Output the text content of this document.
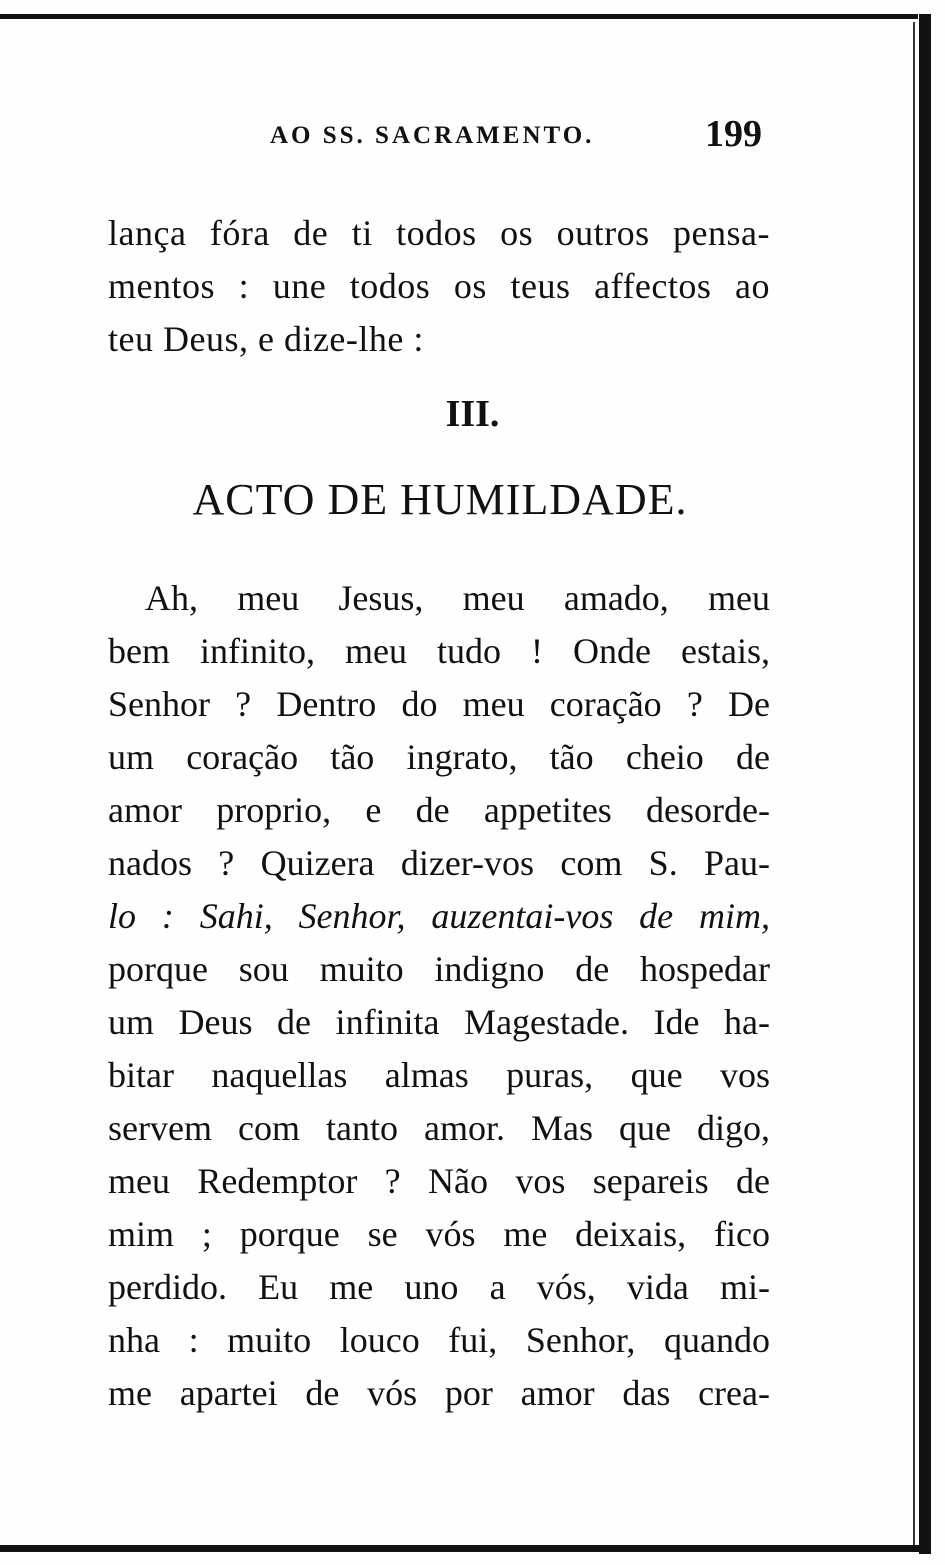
AO SS. SACRAMENTO.	199
lança fóra de ti todos os outros pensa-
mentos : une todos os teus affectos ao
teu Deus, e dize-lhe :
III.
ACTO DE HUMILDADE.
Ah, meu Jesus, meu amado, meu
bem infinito, meu tudo ! Onde estais,
Senhor ? Dentro do meu coração ? De
um coração tão ingrato, tão cheio de
amor proprio, e de appetites desorde-
nados ? Quizera dizer-vos com S. Pau-
lo : Sahi, Senhor, auzentai-vos de mim,
porque sou muito indigno de hospedar
um Deus de infinita Magestade. Ide ha-
bitar naquellas almas puras, que vos
servem com tanto amor. Mas que digo,
meu Redemptor ? Não vos separeis de
mim ; porque se vós me deixais, fico
perdido. Eu me uno a vós, vida mi-
nha : muito louco fui, Senhor, quando
me apartei de vós por amor das crea-
